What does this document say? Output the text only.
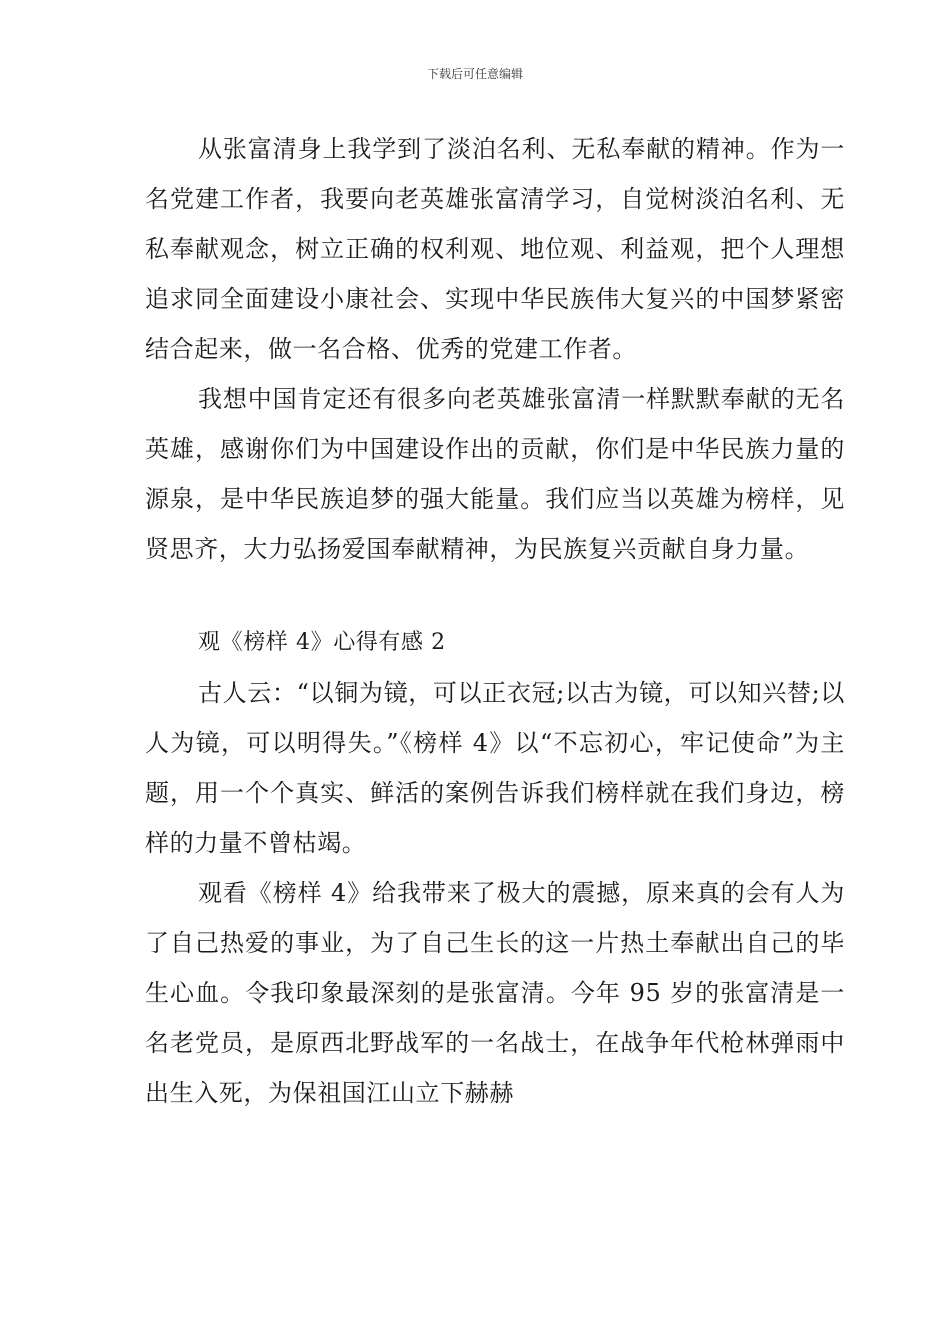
下载后可任意编辑

从张富清身上我学到了淡泊名利、无私奉献的精神。作为一名党建工作者，我要向老英雄张富清学习，自觉树淡泊名利、无私奉献观念，树立正确的权利观、地位观、利益观，把个人理想追求同全面建设小康社会、实现中华民族伟大复兴的中国梦紧密结合起来，做一名合格、优秀的党建工作者。

我想中国肯定还有很多向老英雄张富清一样默默奉献的无名英雄，感谢你们为中国建设作出的贡献，你们是中华民族力量的源泉，是中华民族追梦的强大能量。我们应当以英雄为榜样，见贤思齐，大力弘扬爱国奉献精神，为民族复兴贡献自身力量。

观《榜样 4》心得有感 2

古人云：“以铜为镜，可以正衣冠;以古为镜，可以知兴替;以人为镜，可以明得失。”《榜样 4》以“不忘初心，牢记使命”为主题，用一个个真实、鲜活的案例告诉我们榜样就在我们身边，榜样的力量不曾枯竭。

观看《榜样 4》给我带来了极大的震撼，原来真的会有人为了自己热爱的事业，为了自己生长的这一片热土奉献出自己的毕生心血。令我印象最深刻的是张富清。今年 95 岁的张富清是一名老党员，是原西北野战军的一名战士，在战争年代枪林弹雨中出生入死，为保祖国江山立下赫赫
